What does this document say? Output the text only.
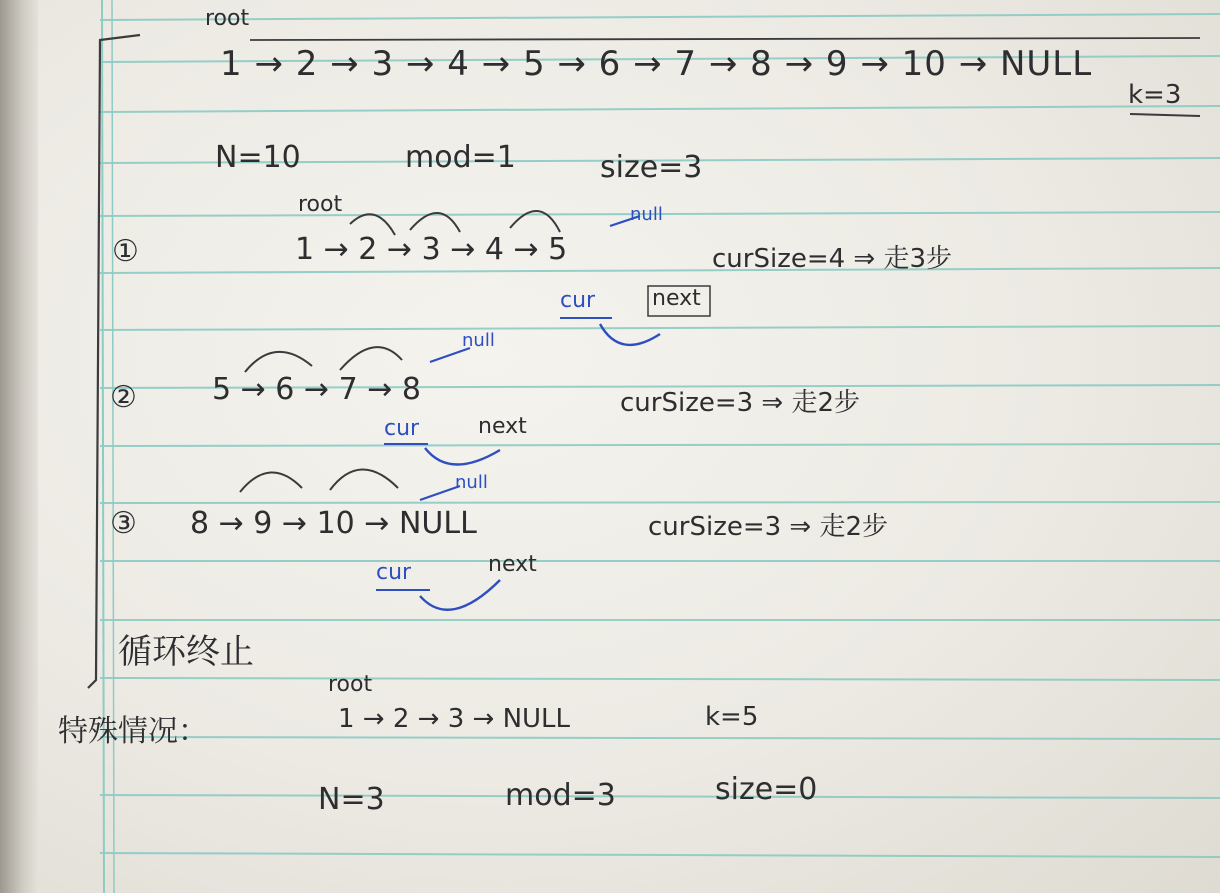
root
1 → 2 → 3 → 4 → 5 → 6 → 7 → 8 → 9 → 10 → NULL
k=3
N=10	mod=1	size=3
①
root
1 → 2 → 3 → 4 → 5
null
curSize=4 ⇒ 走3步
cur	next
②	5 → 6 → 7 → 8
null
curSize=3 ⇒ 走2步
cur	next
③ 8 → 9 → 10 → NULL
null
curSize=3 ⇒ 走2步
cur	next
循环终止
特殊情况：
root
1 → 2 → 3 → NULL	k=5
N=3	mod=3	size=0
